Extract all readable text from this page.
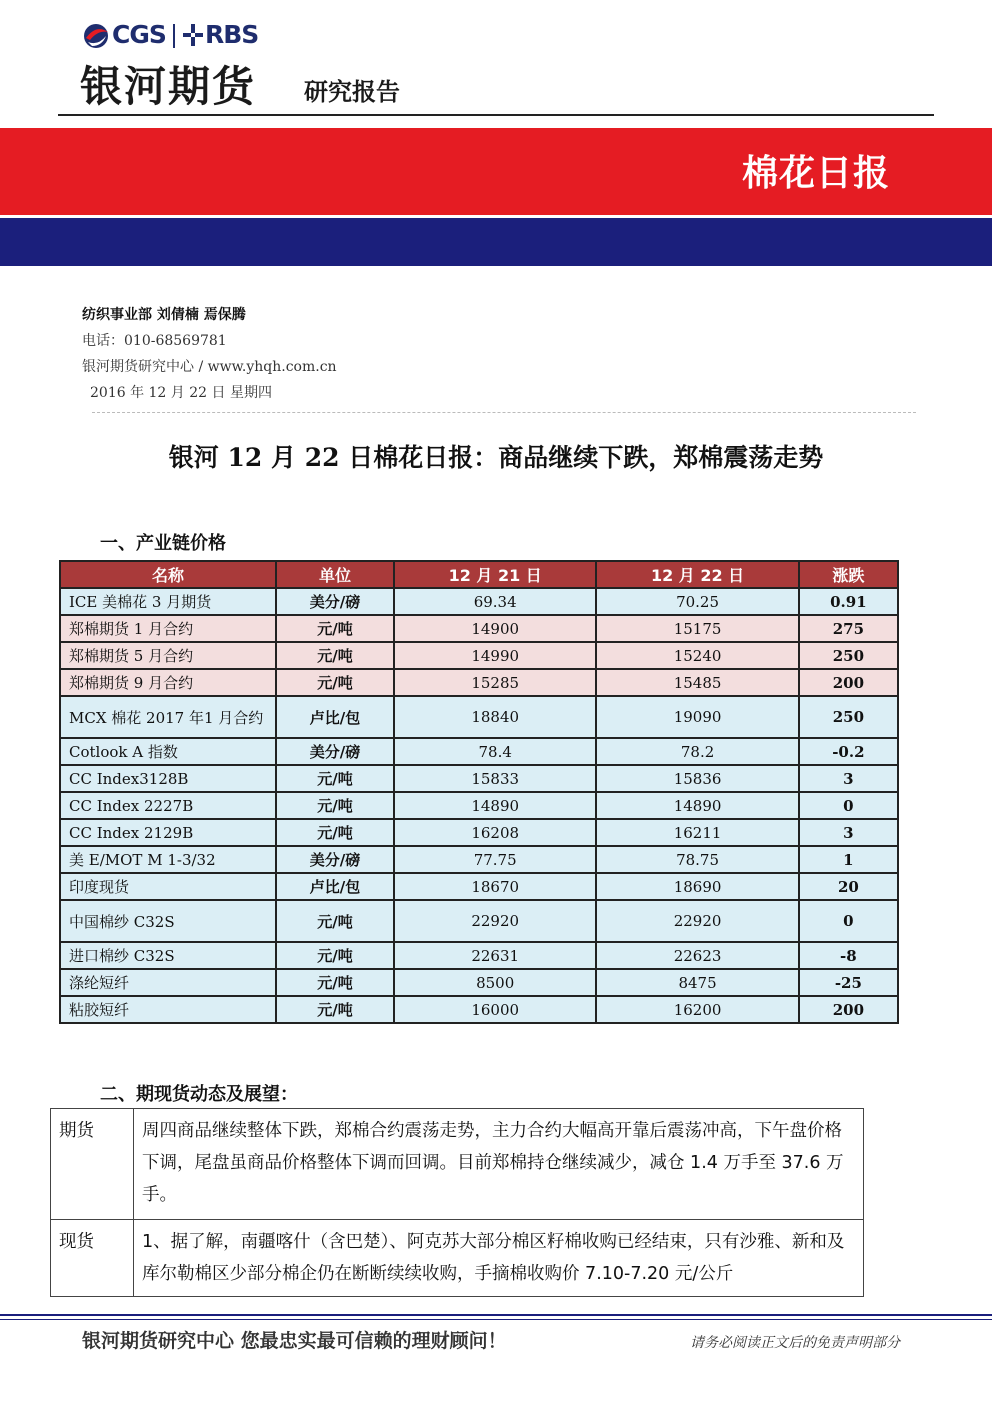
CGS RBS
银河期货 研究报告
棉花日报
纺织事业部 刘倩楠 焉保腾
电话：010-68569781
银河期货研究中心 / www.yhqh.com.cn
2016 年 12 月 22 日 星期四
银河 12 月 22 日棉花日报：商品继续下跌，郑棉震荡走势
一、产业链价格
名称	单位	12 月 21 日	12 月 22 日	涨跌
ICE 美棉花 3 月期货	美分/磅	69.34	70.25	0.91
郑棉期货 1 月合约	元/吨	14900	15175	275
郑棉期货 5 月合约	元/吨	14990	15240	250
郑棉期货 9 月合约	元/吨	15285	15485	200
MCX 棉花 2017 年1 月合约	卢比/包	18840	19090	250
Cotlook A 指数	美分/磅	78.4	78.2	-0.2
CC Index3128B	元/吨	15833	15836	3
CC Index 2227B	元/吨	14890	14890	0
CC Index 2129B	元/吨	16208	16211	3
美 E/MOT M 1-3/32	美分/磅	77.75	78.75	1
印度现货	卢比/包	18670	18690	20
中国棉纱 C32S	元/吨	22920	22920	0
进口棉纱 C32S	元/吨	22631	22623	-8
涤纶短纤	元/吨	8500	8475	-25
粘胶短纤	元/吨	16000	16200	200
二、期现货动态及展望：
期货	周四商品继续整体下跌，郑棉合约震荡走势，主力合约大幅高开靠后震荡冲高，下午盘价格下调，尾盘虽商品价格整体下调而回调。目前郑棉持仓继续减少，减仓 1.4 万手至 37.6 万手。
现货	1、据了解，南疆喀什（含巴楚）、阿克苏大部分棉区籽棉收购已经结束，只有沙雅、新和及库尔勒棉区少部分棉企仍在断断续续收购，手摘棉收购价 7.10-7.20 元/公斤
银河期货研究中心 您最忠实最可信赖的理财顾问！	请务必阅读正文后的免责声明部分
